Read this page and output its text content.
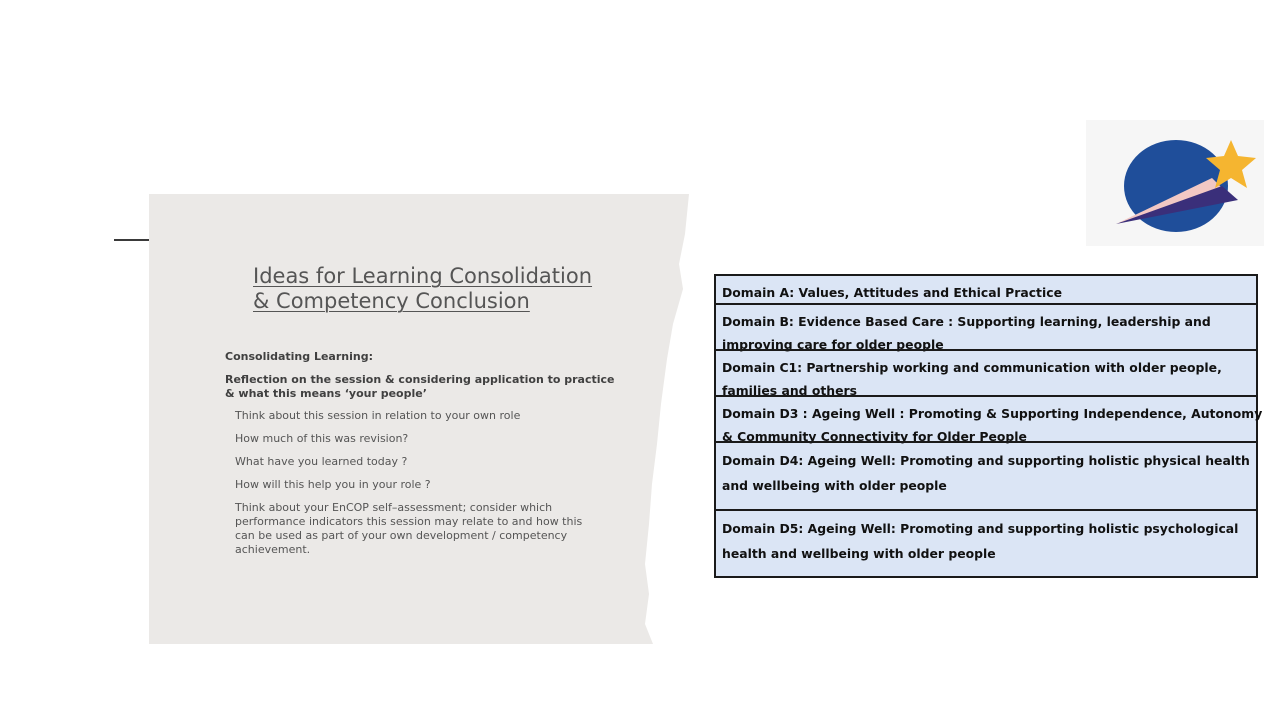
Ideas for Learning Consolidation
& Competency Conclusion

Consolidating Learning:

Reflection on the session & considering application to practice & what this means ‘your people’

Think about this session in relation to your own role
How much of this was revision?
What have you learned today ?
How will this help you in your role ?
Think about your EnCOP self–assessment; consider which performance indicators this session may relate to and how this can be used as part of your own development / competency achievement.
Domain A: Values, Attitudes and Ethical Practice
Domain B: Evidence Based Care : Supporting learning, leadership and
improving care for older people
Domain C1: Partnership working and communication with older people,
families and others
Domain D3 : Ageing Well : Promoting & Supporting Independence, Autonomy
& Community Connectivity for Older People
Domain D4: Ageing Well: Promoting and supporting holistic physical health
and wellbeing with older people
Domain D5: Ageing Well: Promoting and supporting holistic psychological
health and wellbeing with older people
